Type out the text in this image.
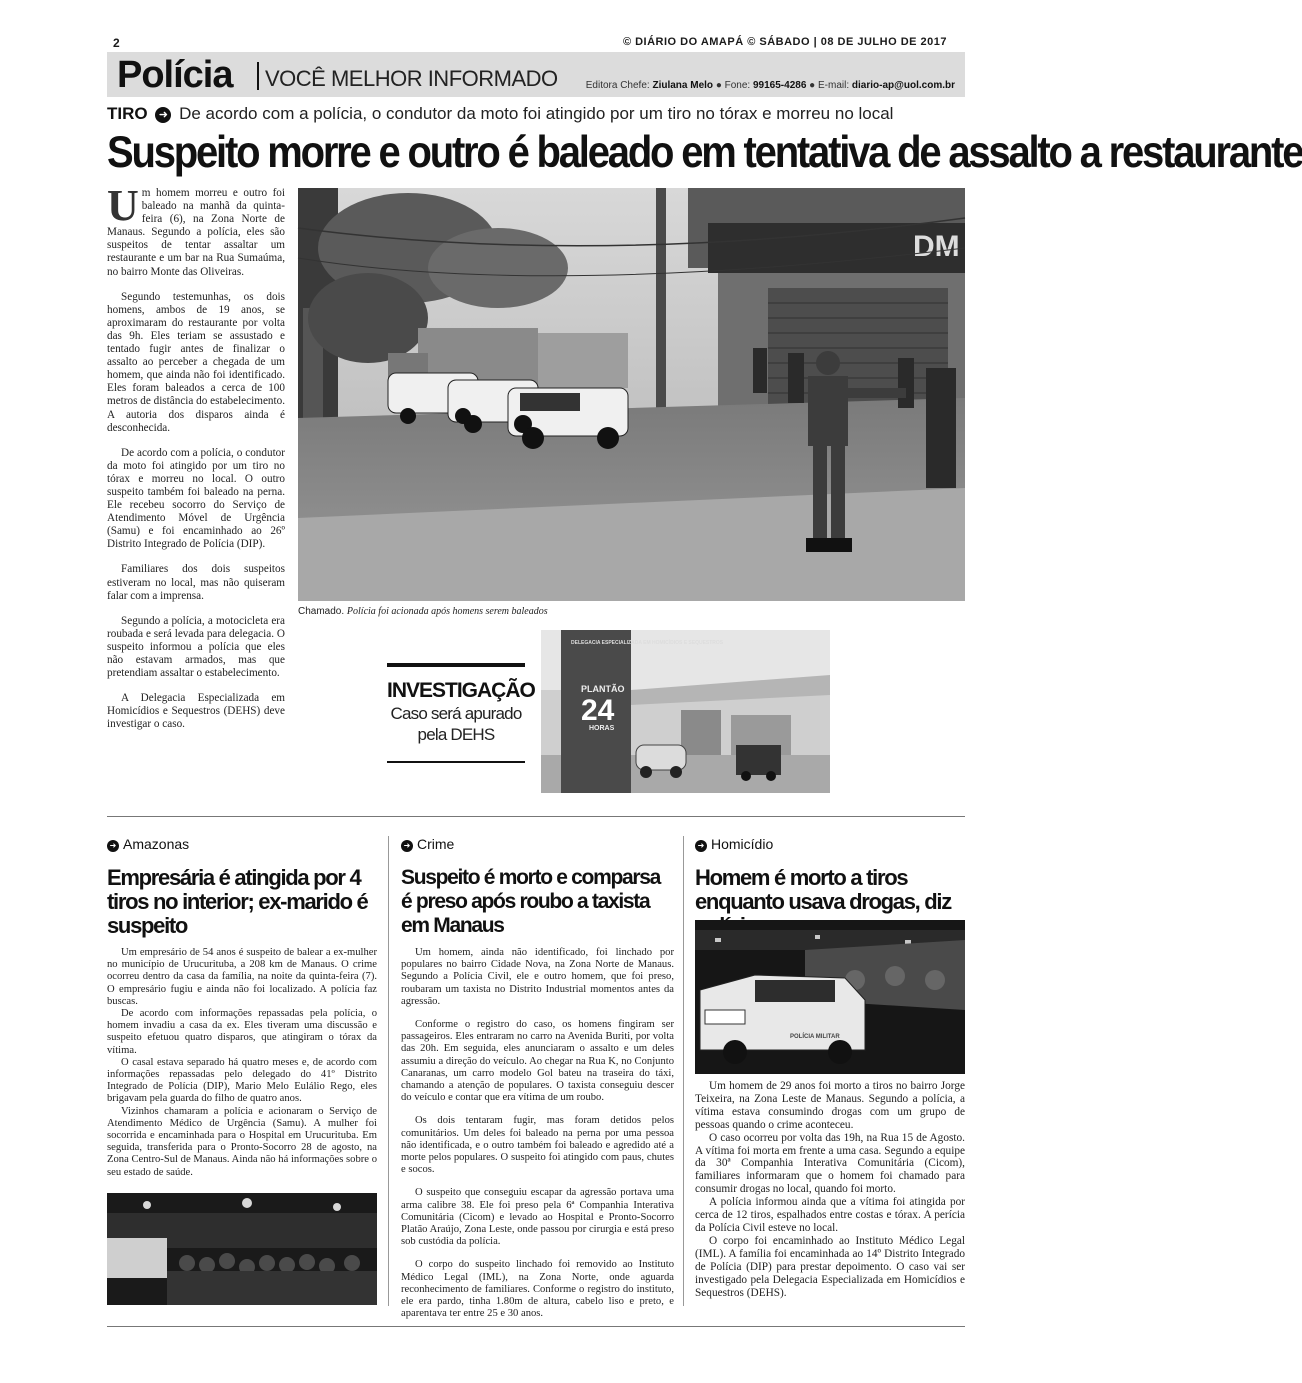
2	© DIÁRIO DO AMAPÁ © SÁBADO | 08 DE JULHO DE 2017
Polícia VOCÊ MELHOR INFORMADO	Editora Chefe: Ziulana Melo ● Fone: 99165-4286 ● E-mail: diario-ap@uol.com.br
TIRO ➜ De acordo com a polícia, o condutor da moto foi atingido por um tiro no tórax e morreu no local
Suspeito morre e outro é baleado em tentativa de assalto a restaurante

Um homem morreu e outro foi baleado na manhã da quinta-feira (6), na Zona Norte de Manaus. Segundo a polícia, eles são suspeitos de tentar assaltar um restaurante e um bar na Rua Sumaúma, no bairro Monte das Oliveiras.

Segundo testemunhas, os dois homens, ambos de 19 anos, se aproximaram do restaurante por volta das 9h. Eles teriam se assustado e tentado fugir antes de finalizar o assalto ao perceber a chegada de um homem, que ainda não foi identificado. Eles foram baleados a cerca de 100 metros de distância do estabelecimento. A autoria dos disparos ainda é desconhecida.

De acordo com a polícia, o condutor da moto foi atingido por um tiro no tórax e morreu no local. O outro suspeito também foi baleado na perna. Ele recebeu socorro do Serviço de Atendimento Móvel de Urgência (Samu) e foi encaminhado ao 26º Distrito Integrado de Polícia (DIP).

Familiares dos dois suspeitos estiveram no local, mas não quiseram falar com a imprensa.

Segundo a polícia, a motocicleta era roubada e será levada para delegacia. O suspeito informou a polícia que eles não estavam armados, mas que pretendiam assaltar o estabelecimento.

A Delegacia Especializada em Homicídios e Sequestros (DEHS) deve investigar o caso.

DM
Chamado. Polícia foi acionada após homens serem baleados
INVESTIGAÇÃO
Caso será apurado
pela DEHS
DELEGACIA ESPECIALIZADA EM HOMICÍDIOS E SEQUESTROS
PLANTÃO
24
HORAS
➜ Amazonas
Empresária é atingida por 4 tiros no interior; ex-marido é suspeito

Um empresário de 54 anos é suspeito de balear a ex-mulher no município de Urucurituba, a 208 km de Manaus. O crime ocorreu dentro da casa da família, na noite da quinta-feira (7). O empresário fugiu e ainda não foi localizado. A polícia faz buscas.

De acordo com informações repassadas pela polícia, o homem invadiu a casa da ex. Eles tiveram uma discussão e suspeito efetuou quatro disparos, que atingiram o tórax da vítima.

O casal estava separado há quatro meses e, de acordo com informações repassadas pelo delegado do 41º Distrito Integrado de Polícia (DIP), Mario Melo Eulálio Rego, eles brigavam pela guarda do filho de quatro anos.

Vizinhos chamaram a polícia e acionaram o Serviço de Atendimento Médico de Urgência (Samu). A mulher foi socorrida e encaminhada para o Hospital em Urucurituba. Em seguida, transferida para o Pronto-Socorro 28 de agosto, na Zona Centro-Sul de Manaus. Ainda não há informações sobre o seu estado de saúde.

➜ Crime
Suspeito é morto e comparsa é preso após roubo a taxista em Manaus

Um homem, ainda não identificado, foi linchado por populares no bairro Cidade Nova, na Zona Norte de Manaus. Segundo a Polícia Civil, ele e outro homem, que foi preso, roubaram um taxista no Distrito Industrial momentos antes da agressão.

Conforme o registro do caso, os homens fingiram ser passageiros. Eles entraram no carro na Avenida Buriti, por volta das 20h. Em seguida, eles anunciaram o assalto e um deles assumiu a direção do veículo. Ao chegar na Rua K, no Conjunto Canaranas, um carro modelo Gol bateu na traseira do táxi, chamando a atenção de populares. O taxista conseguiu descer do veículo e contar que era vítima de um roubo.

Os dois tentaram fugir, mas foram detidos pelos comunitários. Um deles foi baleado na perna por uma pessoa não identificada, e o outro também foi baleado e agredido até a morte pelos populares. O suspeito foi atingido com paus, chutes e socos.

O suspeito que conseguiu escapar da agressão portava uma arma calibre 38. Ele foi preso pela 6ª Companhia Interativa Comunitária (Cicom) e levado ao Hospital e Pronto-Socorro Platão Araújo, Zona Leste, onde passou por cirurgia e está preso sob custódia da polícia.

O corpo do suspeito linchado foi removido ao Instituto Médico Legal (IML), na Zona Norte, onde aguarda reconhecimento de familiares. Conforme o registro do instituto, ele era pardo, tinha 1.80m de altura, cabelo liso e preto, e aparentava ter entre 25 e 30 anos.

➜ Homicídio
Homem é morto a tiros enquanto usava drogas, diz
POLÍCIA MILITAR

Um homem de 29 anos foi morto a tiros no bairro Jorge Teixeira, na Zona Leste de Manaus. Segundo a polícia, a vítima estava consumindo drogas com um grupo de pessoas quando o crime aconteceu.

O caso ocorreu por volta das 19h, na Rua 15 de Agosto. A vítima foi morta em frente a uma casa. Segundo a equipe da 30ª Companhia Interativa Comunitária (Cicom), familiares informaram que o homem foi chamado para consumir drogas no local, quando foi morto.

A polícia informou ainda que a vítima foi atingida por cerca de 12 tiros, espalhados entre costas e tórax. A perícia da Polícia Civil esteve no local.

O corpo foi encaminhado ao Instituto Médico Legal (IML). A família foi encaminhada ao 14º Distrito Integrado de Polícia (DIP) para prestar depoimento. O caso vai ser investigado pela Delegacia Especializada em Homicídios e Sequestros (DEHS).
